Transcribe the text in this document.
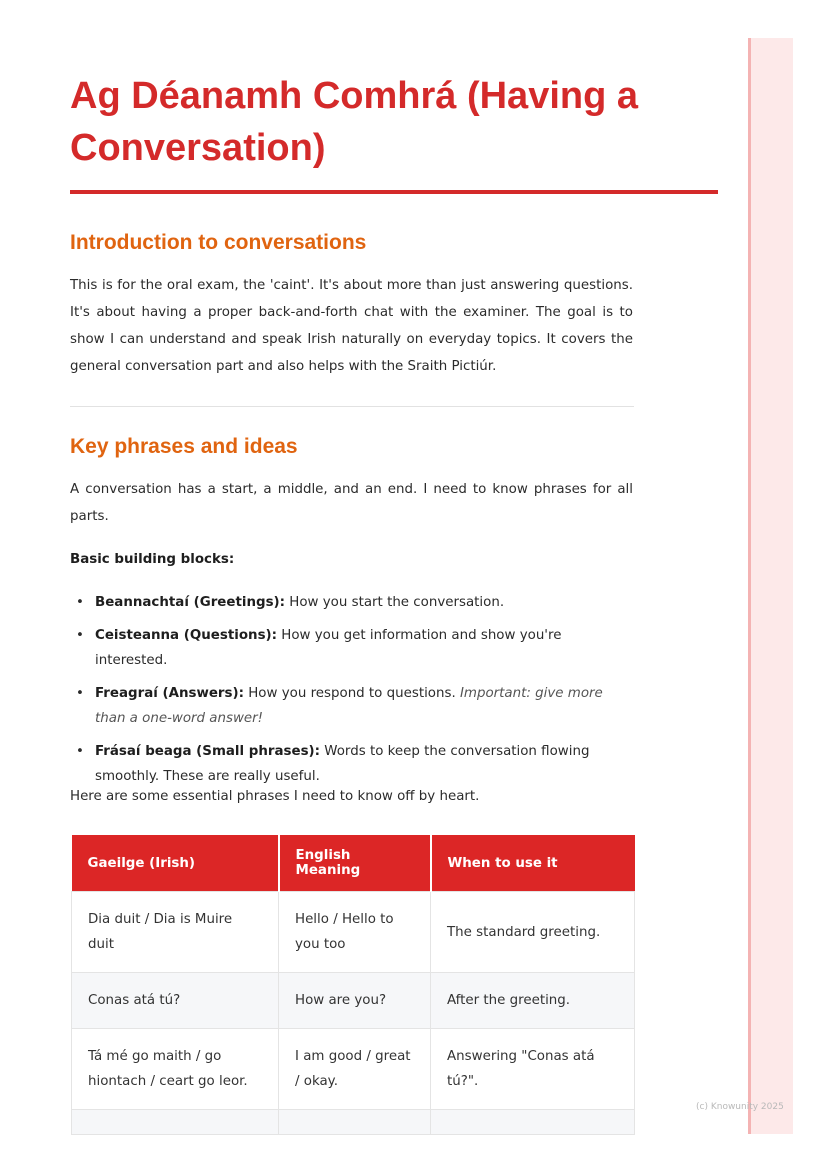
Ag Déanamh Comhrá (Having a Conversation)
Introduction to conversations

This is for the oral exam, the 'caint'. It's about more than just answering questions. It's about having a proper back-and-forth chat with the examiner. The goal is to show I can understand and speak Irish naturally on everyday topics. It covers the general conversation part and also helps with the Sraith Pictiúr.

Key phrases and ideas

A conversation has a start, a middle, and an end. I need to know phrases for all parts.

Basic building blocks:

• Beannachtaí (Greetings): How you start the conversation.
• Ceisteanna (Questions): How you get information and show you're interested.
• Freagraí (Answers): How you respond to questions. Important: give more than a one-word answer!
• Frásaí beaga (Small phrases): Words to keep the conversation flowing smoothly. These are really useful.

Here are some essential phrases I need to know off by heart.

Gaeilge (Irish)	English Meaning	When to use it
Dia duit / Dia is Muire duit	Hello / Hello to you too	The standard greeting.
Conas atá tú?	How are you?	After the greeting.
Tá mé go maith / go hiontach / ceart go leor.	I am good / great / okay.	Answering "Conas atá tú?".

(c) Knowunity 2025
